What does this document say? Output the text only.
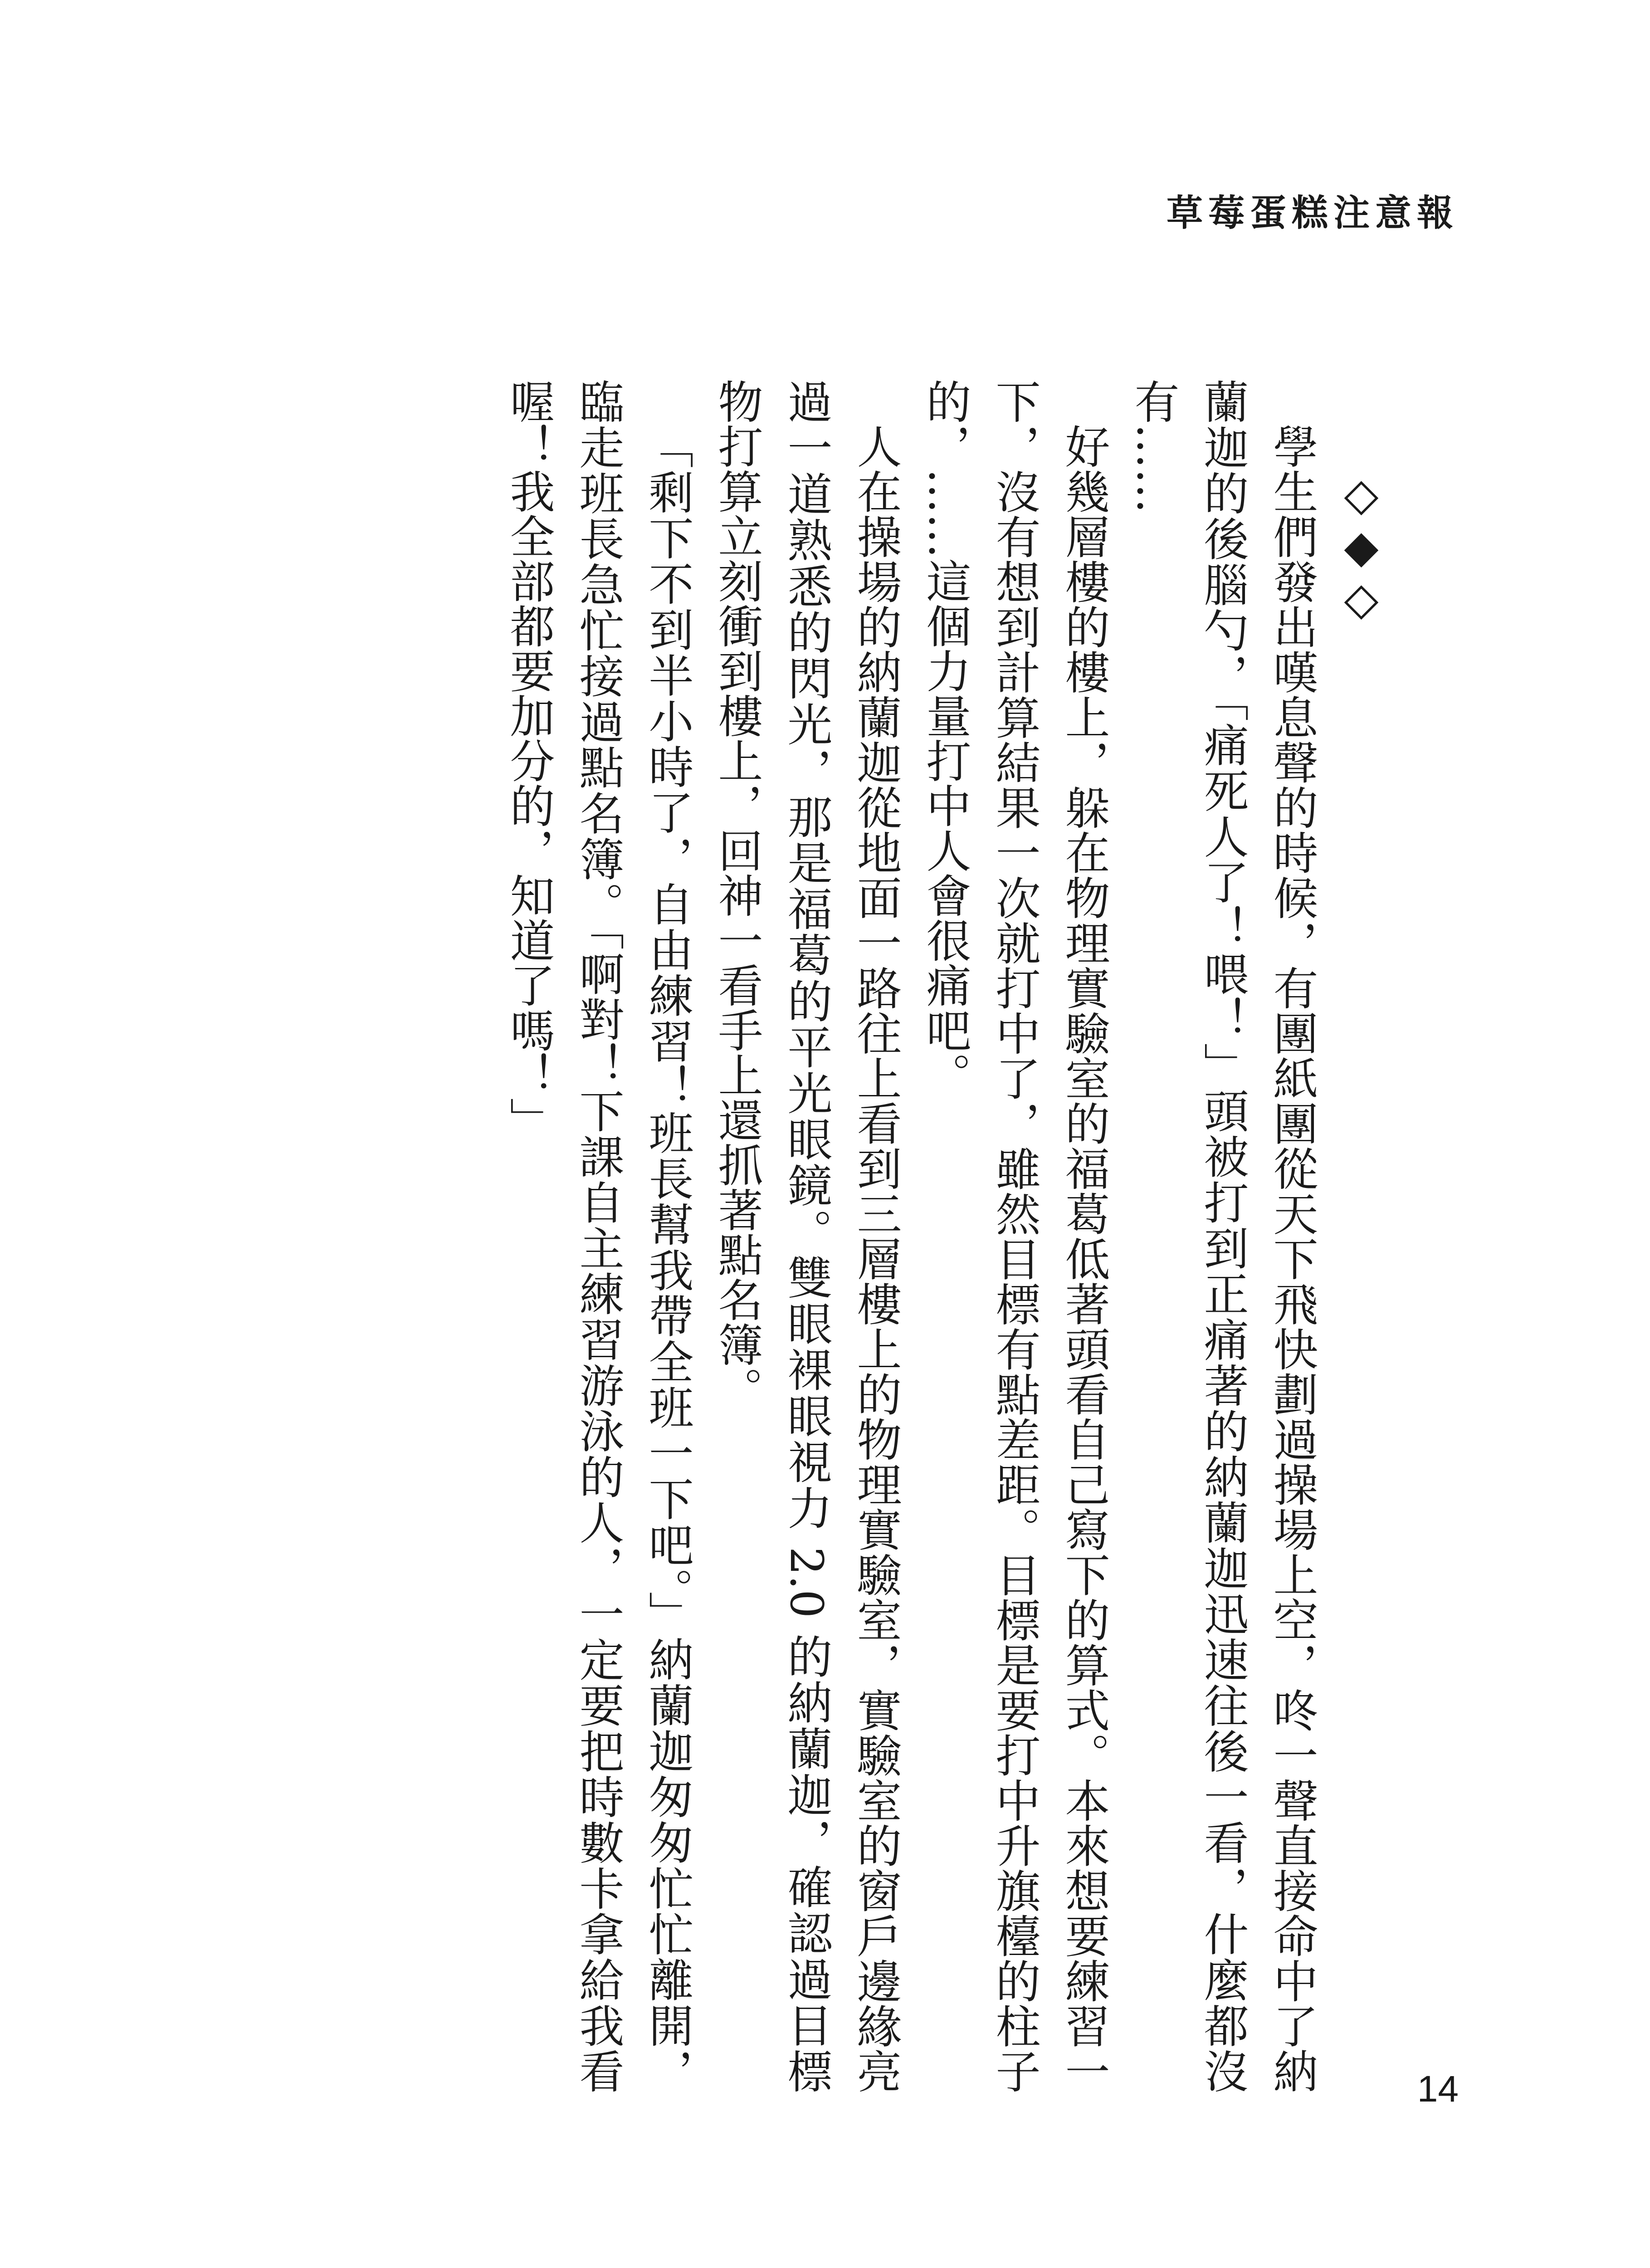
草莓蛋糕注意報

◇◆◇

學生們發出嘆息聲的時候，有團紙團從天下飛快劃過操場上空，咚一聲直接命中了納蘭迦的後腦勺，「痛死人了！喂！」頭被打到正痛著的納蘭迦迅速往後一看，什麼都沒有……

好幾層樓的樓上，躲在物理實驗室的福葛低著頭看自己寫下的算式。本來想要練習一下，沒有想到計算結果一次就打中了，雖然目標有點差距。目標是要打中升旗檯的柱子的，……這個力量打中人會很痛吧。

人在操場的納蘭迦從地面一路往上看到三層樓上的物理實驗室，實驗室的窗戶邊緣亮過一道熟悉的閃光，那是福葛的平光眼鏡。雙眼裸眼視力 2.0 的納蘭迦，確認過目標物打算立刻衝到樓上，回神一看手上還抓著點名簿。

「剩下不到半小時了，自由練習！班長幫我帶全班一下吧。」納蘭迦匆匆忙忙離開，臨走班長急忙接過點名簿。「啊對！下課自主練習游泳的人，一定要把時數卡拿給我看喔！我全部都要加分的，知道了嗎！」

14
